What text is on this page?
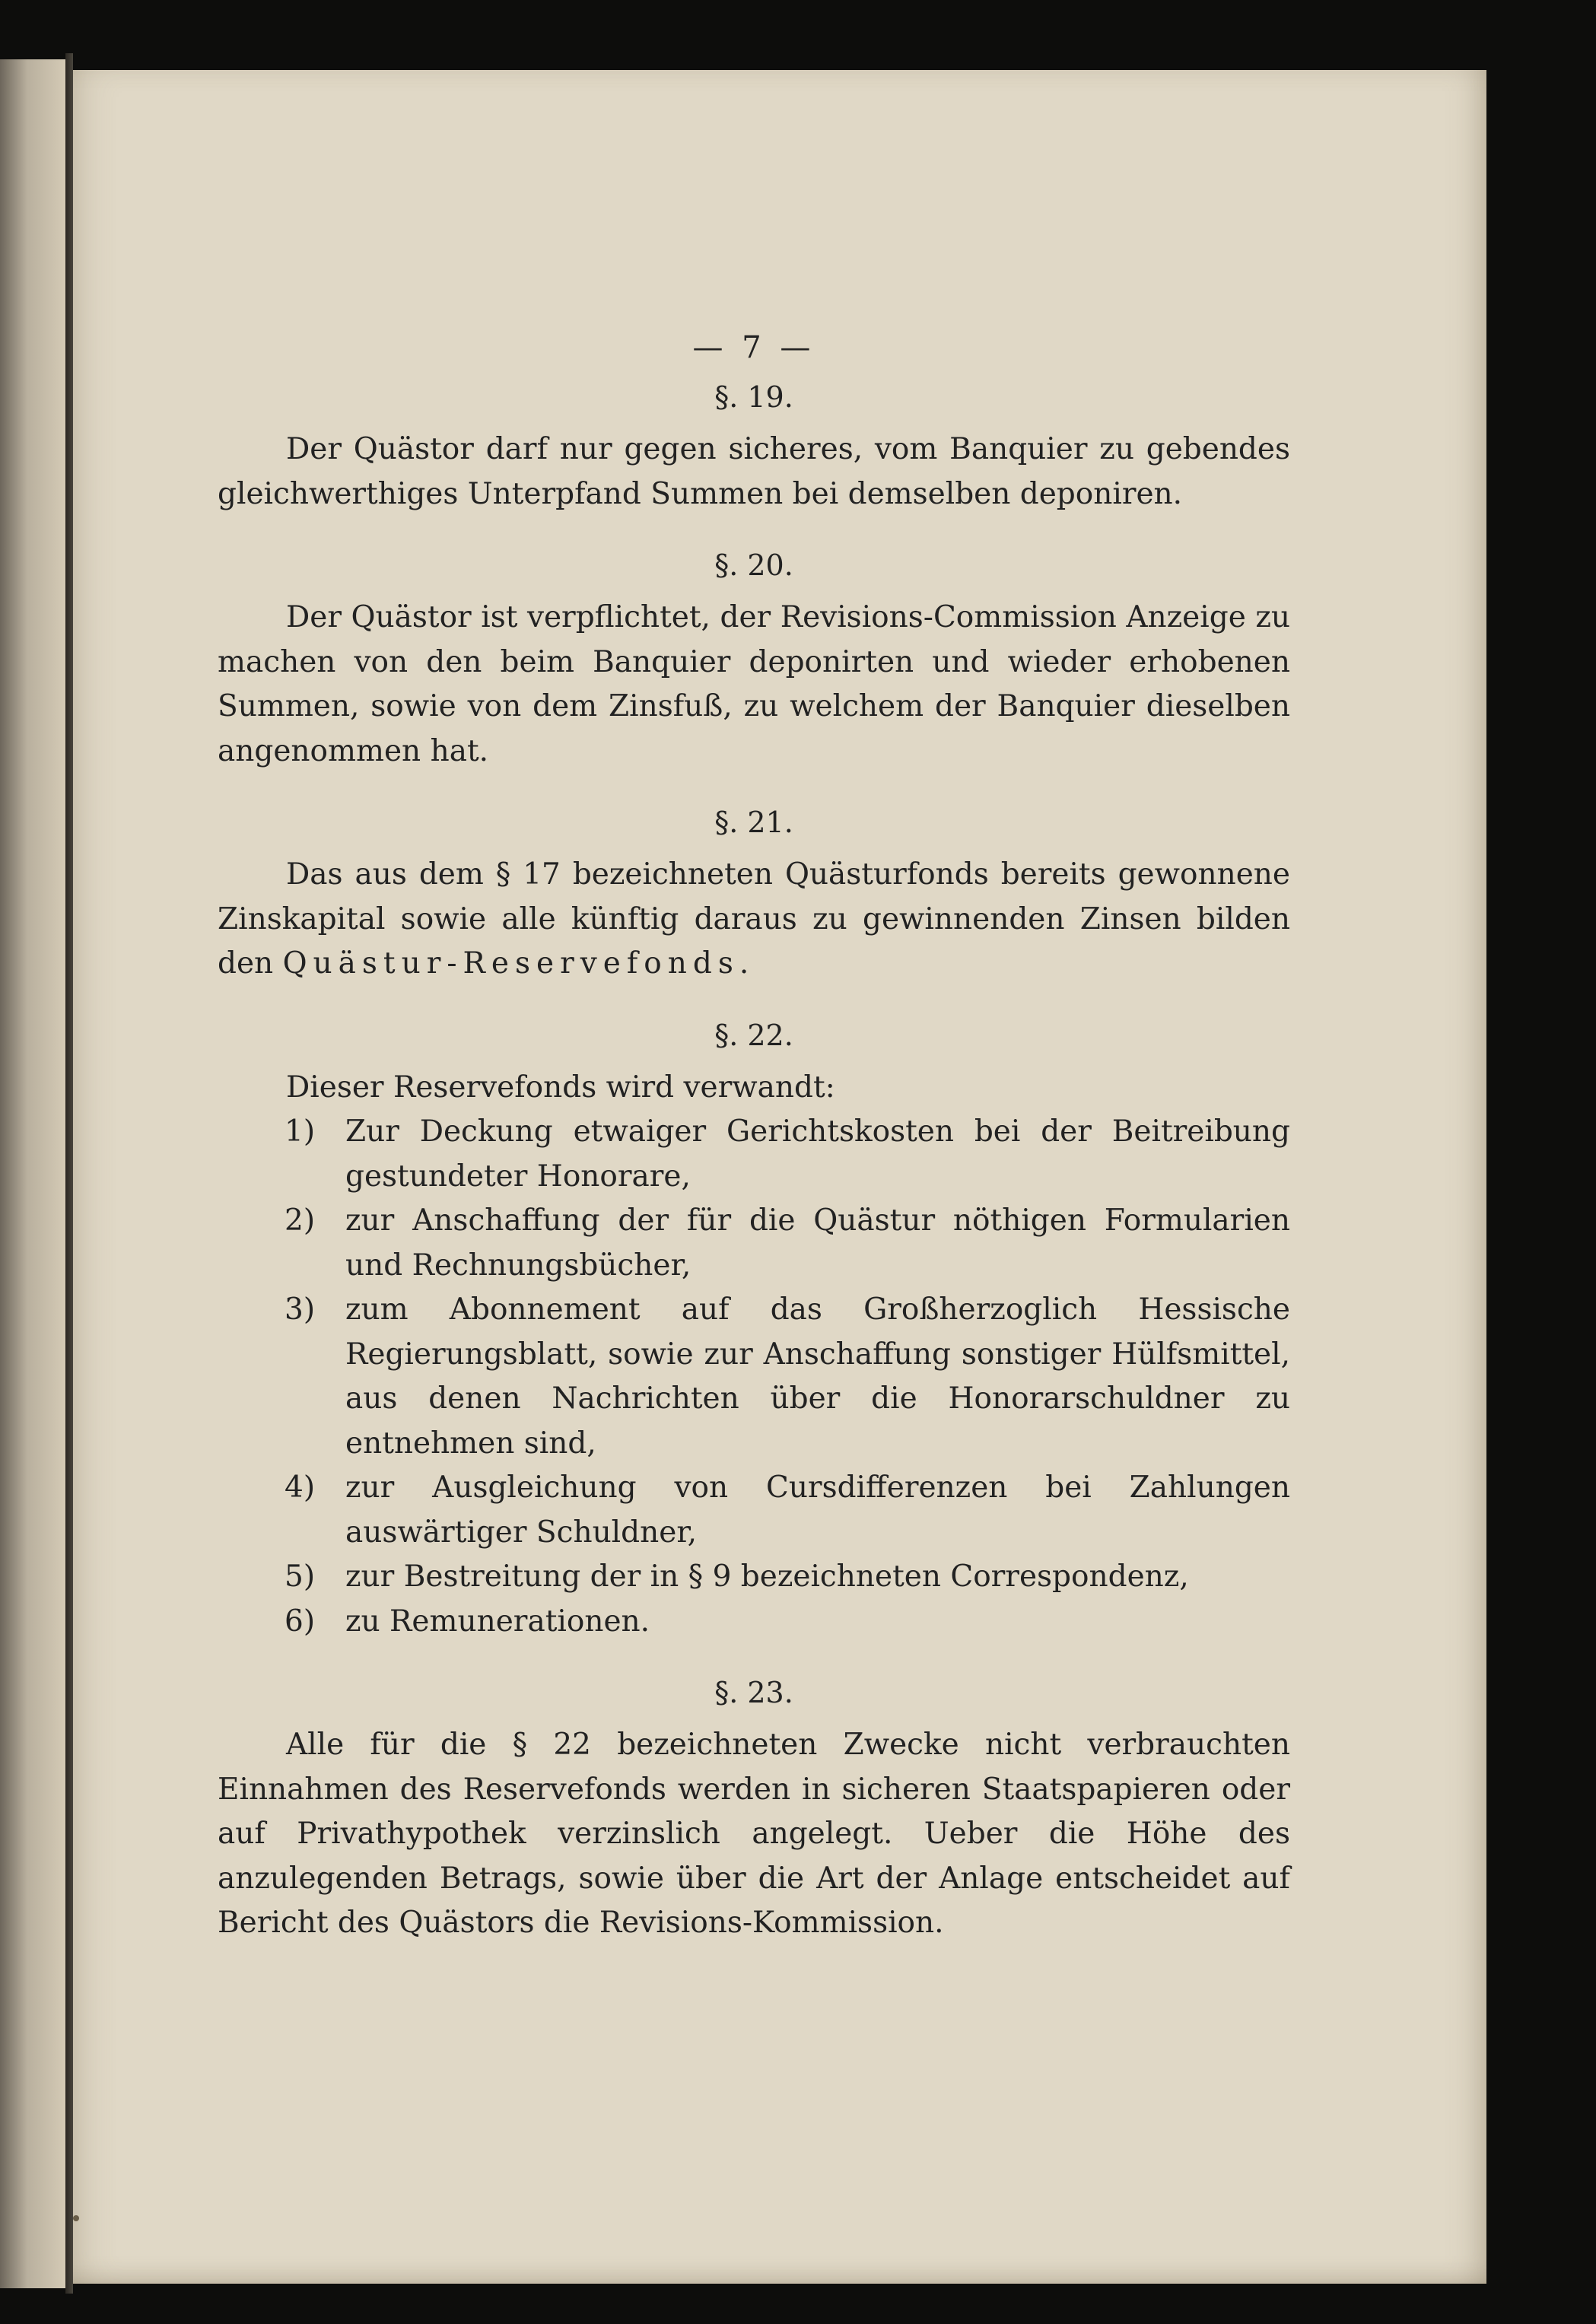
— 7 —
§. 19.

Der Quästor darf nur gegen sicheres, vom Banquier zu gebendes gleichwerthiges Unterpfand Summen bei demselben deponiren.

§. 20.

Der Quästor ist verpflichtet, der Revisions-Commission Anzeige zu machen von den beim Banquier deponirten und wieder erhobenen Summen, sowie von dem Zinsfuß, zu welchem der Banquier dieselben angenommen hat.

§. 21.

Das aus dem § 17 bezeichneten Quästurfonds bereits gewonnene Zinskapital sowie alle künftig daraus zu gewinnenden Zinsen bilden den Quästur-Reservefonds.

§. 22.

Dieser Reservefonds wird verwandt:

1) Zur Deckung etwaiger Gerichtskosten bei der Beitreibung gestundeter Honorare,
2) zur Anschaffung der für die Quästur nöthigen Formularien und Rechnungsbücher,
3) zum Abonnement auf das Großherzoglich Hessische Regierungsblatt, sowie zur Anschaffung sonstiger Hülfsmittel, aus denen Nachrichten über die Honorarschuldner zu entnehmen sind,
4) zur Ausgleichung von Cursdifferenzen bei Zahlungen auswärtiger Schuldner,
5) zur Bestreitung der in § 9 bezeichneten Correspondenz,
6) zu Remunerationen.
§. 23.

Alle für die § 22 bezeichneten Zwecke nicht verbrauchten Einnahmen des Reservefonds werden in sicheren Staatspapieren oder auf Privathypothek verzinslich angelegt. Ueber die Höhe des anzulegenden Betrags, sowie über die Art der Anlage entscheidet auf Bericht des Quästors die Revisions-Kommission.
